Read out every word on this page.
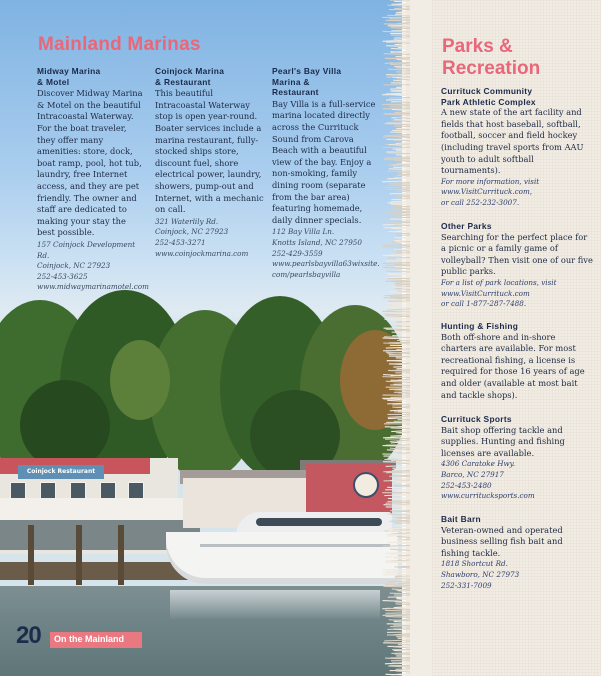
Coinjock Restaurant
Mainland Marinas
Midway Marina
& Motel
Discover Midway Marina & Motel on the beautiful Intracoastal Waterway. For the boat traveler, they offer many amenities: store, dock, boat ramp, pool, hot tub, laundry, free Internet access, and they are pet friendly. The owner and staff are dedicated to making your stay the best possible.
157 Coinjock Development Rd.
Coinjock, NC 27923
252-453-3625
www.midwaymarinamotel.com
Coinjock Marina
& Restaurant
This beautiful Intracoastal Waterway stop is open year-round. Boater services include a marina restaurant, fully-stocked ships store, discount fuel, shore electrical power, laundry, showers, pump-out and Internet, with a mechanic on call.
321 Waterlily Rd.
Coinjock, NC 27923
252-453-3271
www.coinjockmarina.com
Pearl's Bay Villa
Marina &
Restaurant
Bay Villa is a full-service marina located directly across the Currituck Sound from Carova Beach with a beautiful view of the bay. Enjoy a non-smoking, family dining room (separate from the bar area) featuring homemade, daily dinner specials.
112 Bay Villa Ln.
Knotts Island, NC 27950
252-429-3559
www.pearlsbayvilla63wixsite.
com/pearlsbayvilla
20 On the Mainland
Parks &
Recreation
Currituck Community
Park Athletic Complex
A new state of the art facility and fields that host baseball, softball, football, soccer and field hockey (including travel sports from AAU youth to adult softball tournaments).
For more information, visit
www.VisitCurrituck.com,
or call 252-232-3007.
Other Parks
Searching for the perfect place for a picnic or a family game of volleyball? Then visit one of our five public parks.
For a list of park locations, visit
www.VisitCurrituck.com
or call 1-877-287-7488.
Hunting & Fishing
Both off-shore and in-shore charters are available. For most recreational fishing, a license is required for those 16 years of age and older (available at most bait and tackle shops).
Currituck Sports
Bait shop offering tackle and supplies. Hunting and fishing licenses are available.
4306 Caratoke Hwy.
Barco, NC 27917
252-453-2480
www.curritucksports.com
Bait Barn
Veteran-owned and operated business selling fish bait and fishing tackle.
1818 Shortcut Rd.
Shawboro, NC 27973
252-331-7009
